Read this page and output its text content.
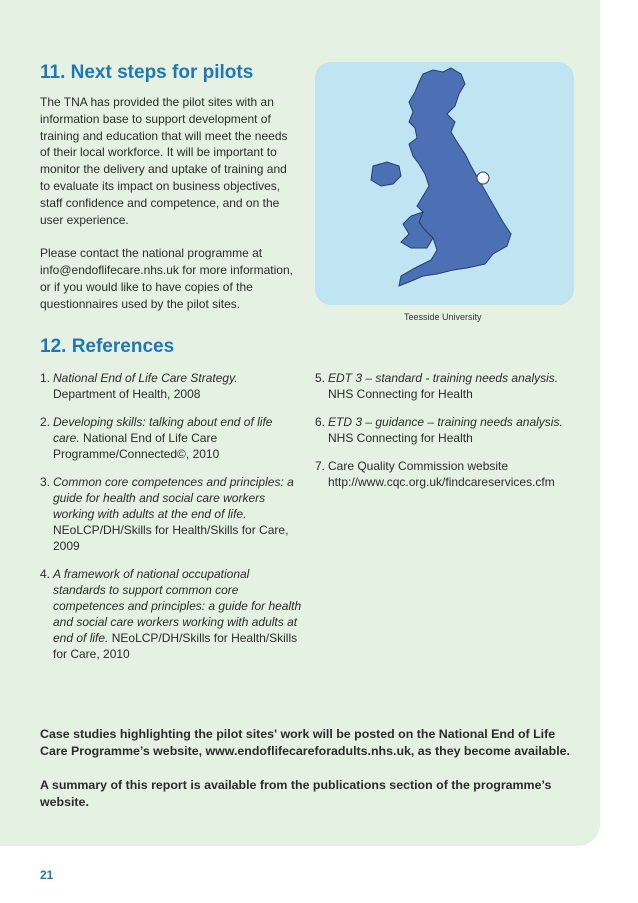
11. Next steps for pilots

The TNA has provided the pilot sites with an information base to support development of training and education that will meet the needs of their local workforce. It will be important to monitor the delivery and uptake of training and to evaluate its impact on business objectives, staff confidence and competence, and on the user experience.

Please contact the national programme at info@endoflifecare.nhs.uk for more information, or if you would like to have copies of the questionnaires used by the pilot sites.

Teesside University
12. References
1. National End of Life Care Strategy. Department of Health, 2008
2. Developing skills: talking about end of life care. National End of Life Care Programme/Connected©, 2010
3. Common core competences and principles: a guide for health and social care workers working with adults at the end of life. NEoLCP/DH/Skills for Health/Skills for Care, 2009
4. A framework of national occupational standards to support common core competences and principles: a guide for health and social care workers working with adults at end of life. NEoLCP/DH/Skills for Health/Skills for Care, 2010
5. EDT 3 – standard - training needs analysis. NHS Connecting for Health
6. ETD 3 – guidance – training needs analysis. NHS Connecting for Health
7. Care Quality Commission website http://www.cqc.org.uk/findcareservices.cfm

Case studies highlighting the pilot sites' work will be posted on the National End of Life Care Programme’s website, www.endoflifecareforadults.nhs.uk, as they become available.

A summary of this report is available from the publications section of the programme’s website.

21
